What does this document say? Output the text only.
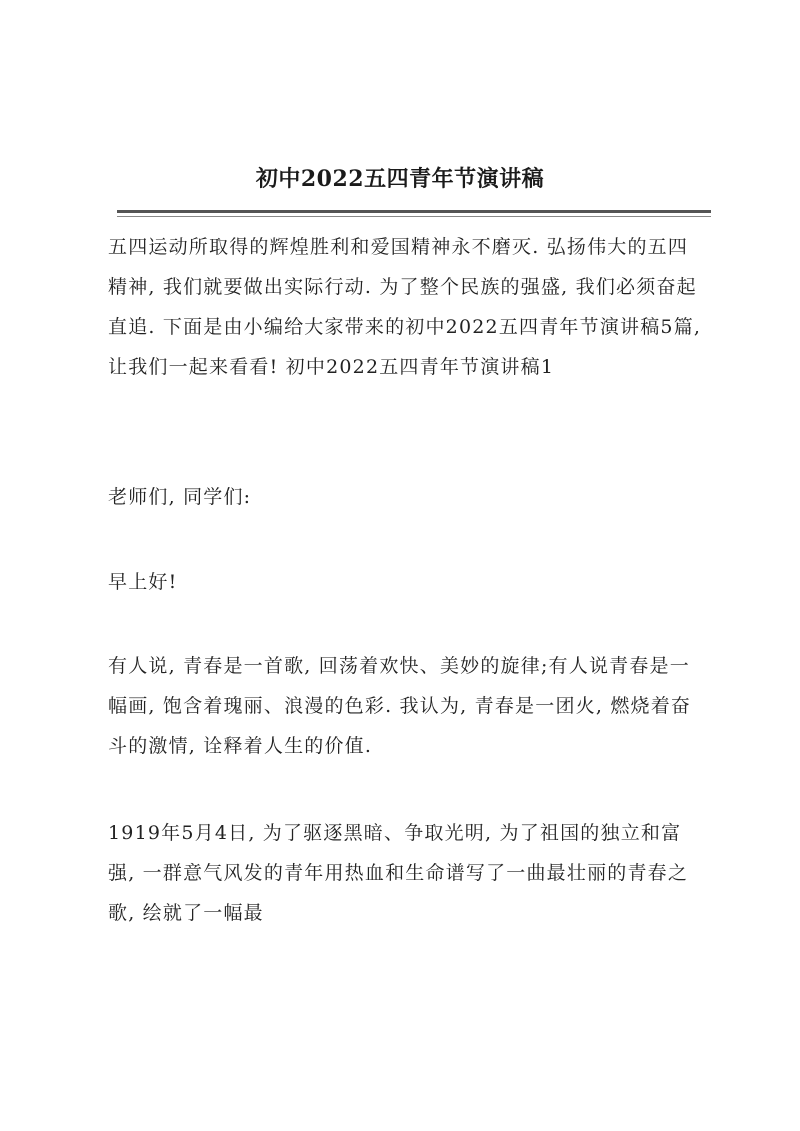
初中2022五四青年节演讲稿

五四运动所取得的辉煌胜利和爱国精神永不磨灭. 弘扬伟大的五四精神, 我们就要做出实际行动. 为了整个民族的强盛, 我们必须奋起直追. 下面是由小编给大家带来的初中2022五四青年节演讲稿5篇, 让我们一起来看看! 初中2022五四青年节演讲稿1

老师们, 同学们:

早上好!

有人说, 青春是一首歌, 回荡着欢快、美妙的旋律;有人说青春是一幅画, 饱含着瑰丽、浪漫的色彩. 我认为, 青春是一团火, 燃烧着奋斗的激情, 诠释着人生的价值.

1919年5月4日, 为了驱逐黑暗、争取光明, 为了祖国的独立和富强, 一群意气风发的青年用热血和生命谱写了一曲最壮丽的青春之歌, 绘就了一幅最
